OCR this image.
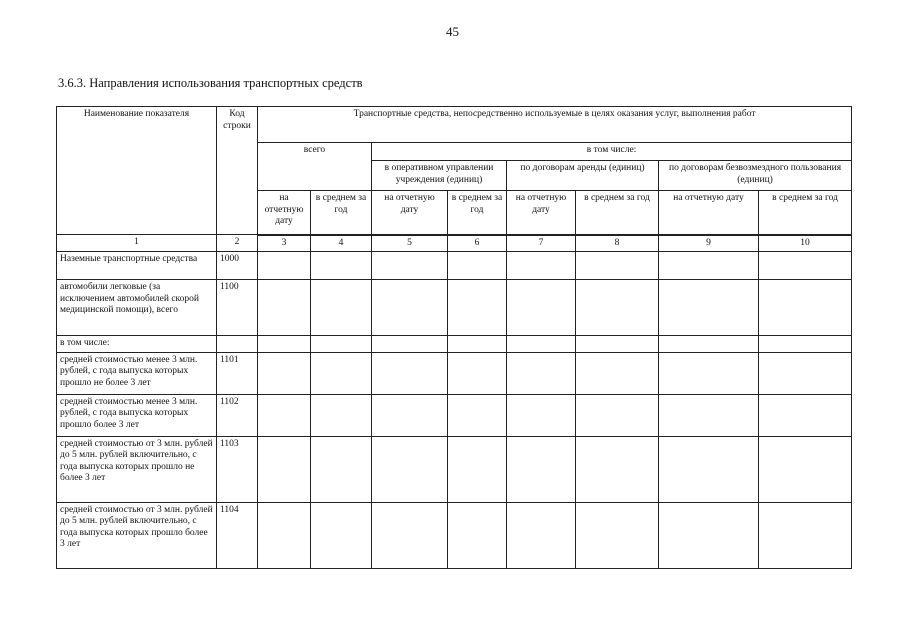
45
3.6.3. Направления использования транспортных средств
Наименование показателя	Код строки	Транспортные средства, непосредственно используемые в целях оказания услуг, выполнения работ							
		всего		в том числе:					
				в оперативном управлении учреждения (единиц)		по договорам аренды (единиц)		по договорам безвозмездного пользования (единиц)	
		на отчетную дату	в среднем за год	на отчетную дату	в среднем за год	на отчетную дату	в среднем за год	на отчетную дату	в среднем за год
1	2	3	4	5	6	7	8	9	10
Наземные транспортные средства	1000								
автомобили легковые (за исключением автомобилей скорой медицинской помощи), всего	1100								
в том числе:									
средней стоимостью менее 3 млн. рублей, с года выпуска которых прошло не более 3 лет	1101								
средней стоимостью менее 3 млн. рублей, с года выпуска которых прошло более 3 лет	1102								
средней стоимостью от 3 млн. рублей до 5 млн. рублей включительно, с года выпуска которых прошло не более 3 лет	1103								
средней стоимостью от 3 млн. рублей до 5 млн. рублей включительно, с года выпуска которых прошло более 3 лет	1104								
